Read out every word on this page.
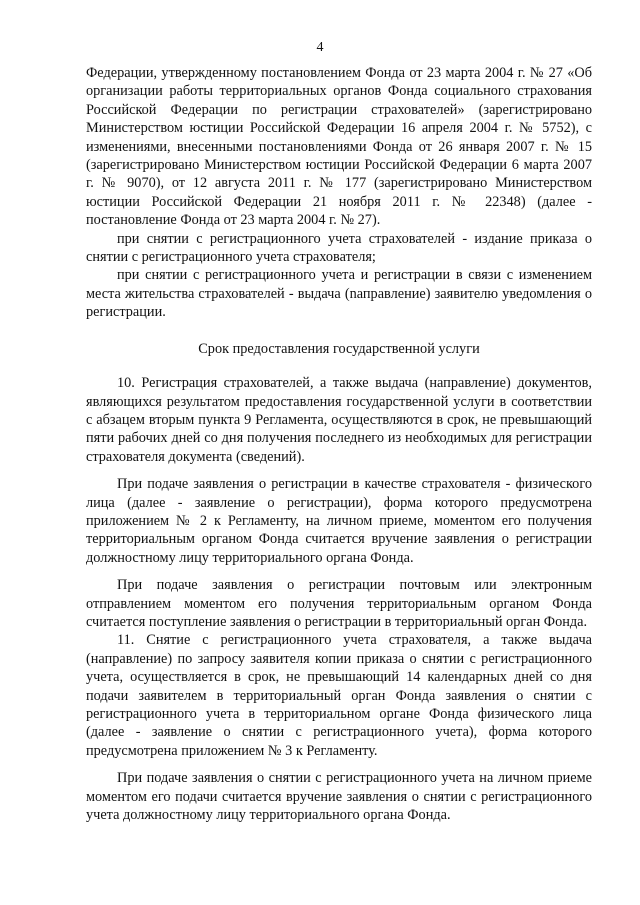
4

Федерации, утвержденному постановлением Фонда от 23 марта 2004 г. № 27 «Об организации работы территориальных органов Фонда социального страхования Российской Федерации по регистрации страхователей» (зарегистрировано Министерством юстиции Российской Федерации 16 апреля 2004 г. № 5752), с изменениями, внесенными постановлениями Фонда от 26 января 2007 г. № 15 (зарегистрировано Министерством юстиции Российской Федерации 6 марта 2007 г. № 9070), от 12 августа 2011 г. № 177 (зарегистрировано Министерством юстиции Российской Федерации 21 ноября 2011 г. № 22348) (далее - постановление Фонда от 23 марта 2004 г. № 27).

при снятии с регистрационного учета страхователей - издание приказа о снятии с регистрационного учета страхователя;

при снятии с регистрационного учета и регистрации в связи с изменением места жительства страхователей - выдача (nаправление) заявителю уведомления о регистрации.

Срок предоставления государственной услуги

10. Регистрация страхователей, а также выдача (направление) документов, являющихся результатом предоставления государственной услуги в соответствии с абзацем вторым пункта 9 Регламента, осуществляются в срок, не превышающий пяти рабочих дней со дня получения последнего из необходимых для регистрации страхователя документа (сведений).

При подаче заявления о регистрации в качестве страхователя - физического лица (далее - заявление о регистрации), форма которого предусмотрена приложением № 2 к Регламенту, на личном приеме, моментом его получения территориальным органом Фонда считается вручение заявления о регистрации должностному лицу территориального органа Фонда.

При подаче заявления о регистрации почтовым или электронным отправлением моментом его получения территориальным органом Фонда считается поступление заявления о регистрации в территориальный орган Фонда.

11. Снятие с регистрационного учета страхователя, а также выдача (направление) по запросу заявителя копии приказа о снятии с регистрационного учета, осуществляется в срок, не превышающий 14 календарных дней со дня подачи заявителем в территориальный орган Фонда заявления о снятии с регистрационного учета в территориальном органе Фонда физического лица (далее - заявление о снятии с регистрационного учета), форма которого предусмотрена приложением № 3 к Регламенту.

При подаче заявления о снятии с регистрационного учета на личном приеме моментом его подачи считается вручение заявления о снятии с регистрационного учета должностному лицу территориального органа Фонда.
